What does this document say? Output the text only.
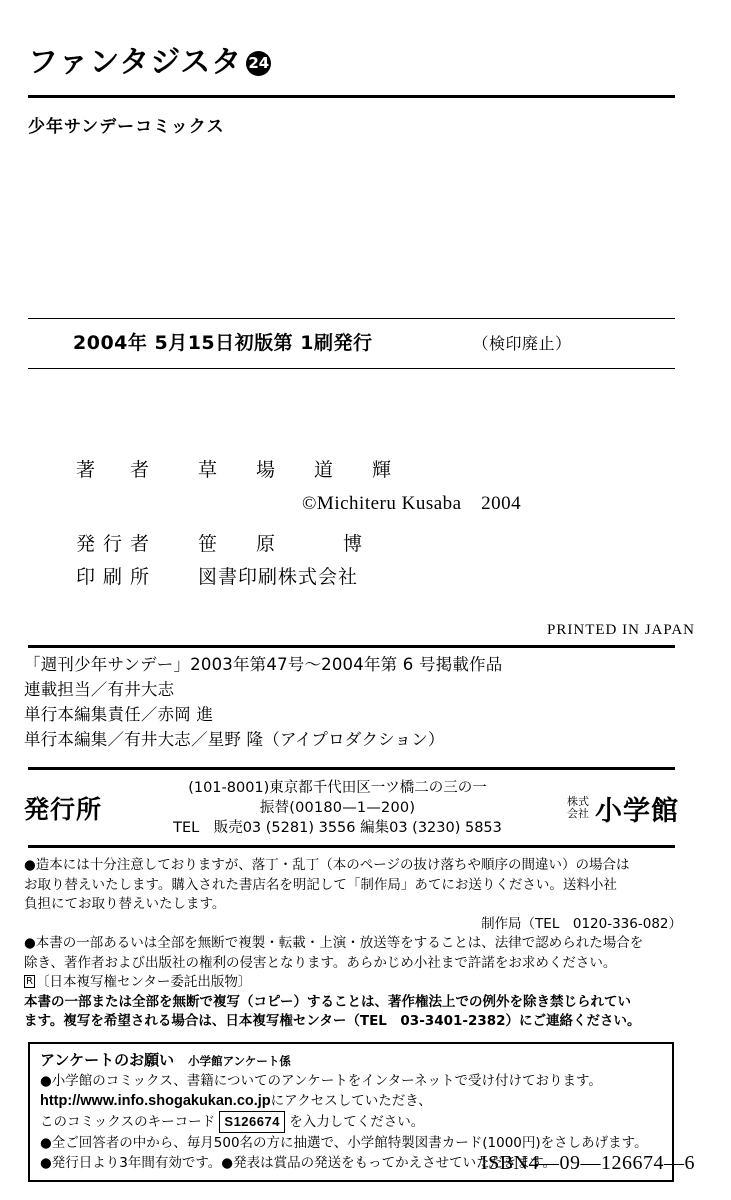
ファンタジスタ 24
少年サンデーコミックス
2004年 5月15日初版第 1刷発行	（検印廃止）
著　者	草　場　道　輝
©Michiteru Kusaba　2004
発行者	笹　原　　博
印刷所	図書印刷株式会社
PRINTED IN JAPAN
「週刊少年サンデー」2003年第47号〜2004年第 6 号掲載作品
連載担当／有井大志
単行本編集責任／赤岡 進
単行本編集／有井大志／星野 隆（アイプロダクション）
発行所
(101-8001)東京都千代田区一ツ橋二の三の一
振替(00180—1—200)
TEL　販売03 (5281) 3556 編集03 (3230) 5853
株式
会社 小学館

●造本には十分注意しておりますが、落丁・乱丁（本のページの抜け落ちや順序の間違い）の場合は

お取り替えいたします。購入された書店名を明記して「制作局」あてにお送りください。送料小社

負担にてお取り替えいたします。

制作局（TEL　0120-336-082）

●本書の一部あるいは全部を無断で複製・転載・上演・放送等をすることは、法律で認められた場合を

除き、著作者および出版社の権利の侵害となります。あらかじめ小社まで許諾をお求めください。

R 〔日本複写権センター委託出版物〕

本書の一部または全部を無断で複写（コピー）することは、著作権法上での例外を除き禁じられてい

ます。複写を希望される場合は、日本複写権センター（TEL　03-3401-2382）にご連絡ください。

アンケートのお願い 小学館アンケート係
●小学館のコミックス、書籍についてのアンケートをインターネットで受け付けております。
http://www.info.shogakukan.co.jpにアクセスしていただき、
このコミックスのキーコード S126674 を入力してください。
●全ご回答者の中から、毎月500名の方に抽選で、小学館特製図書カード(1000円)をさしあげます。
●発行日より3年間有効です。●発表は賞品の発送をもってかえさせていただきます。
ISBN4—09—126674—6
